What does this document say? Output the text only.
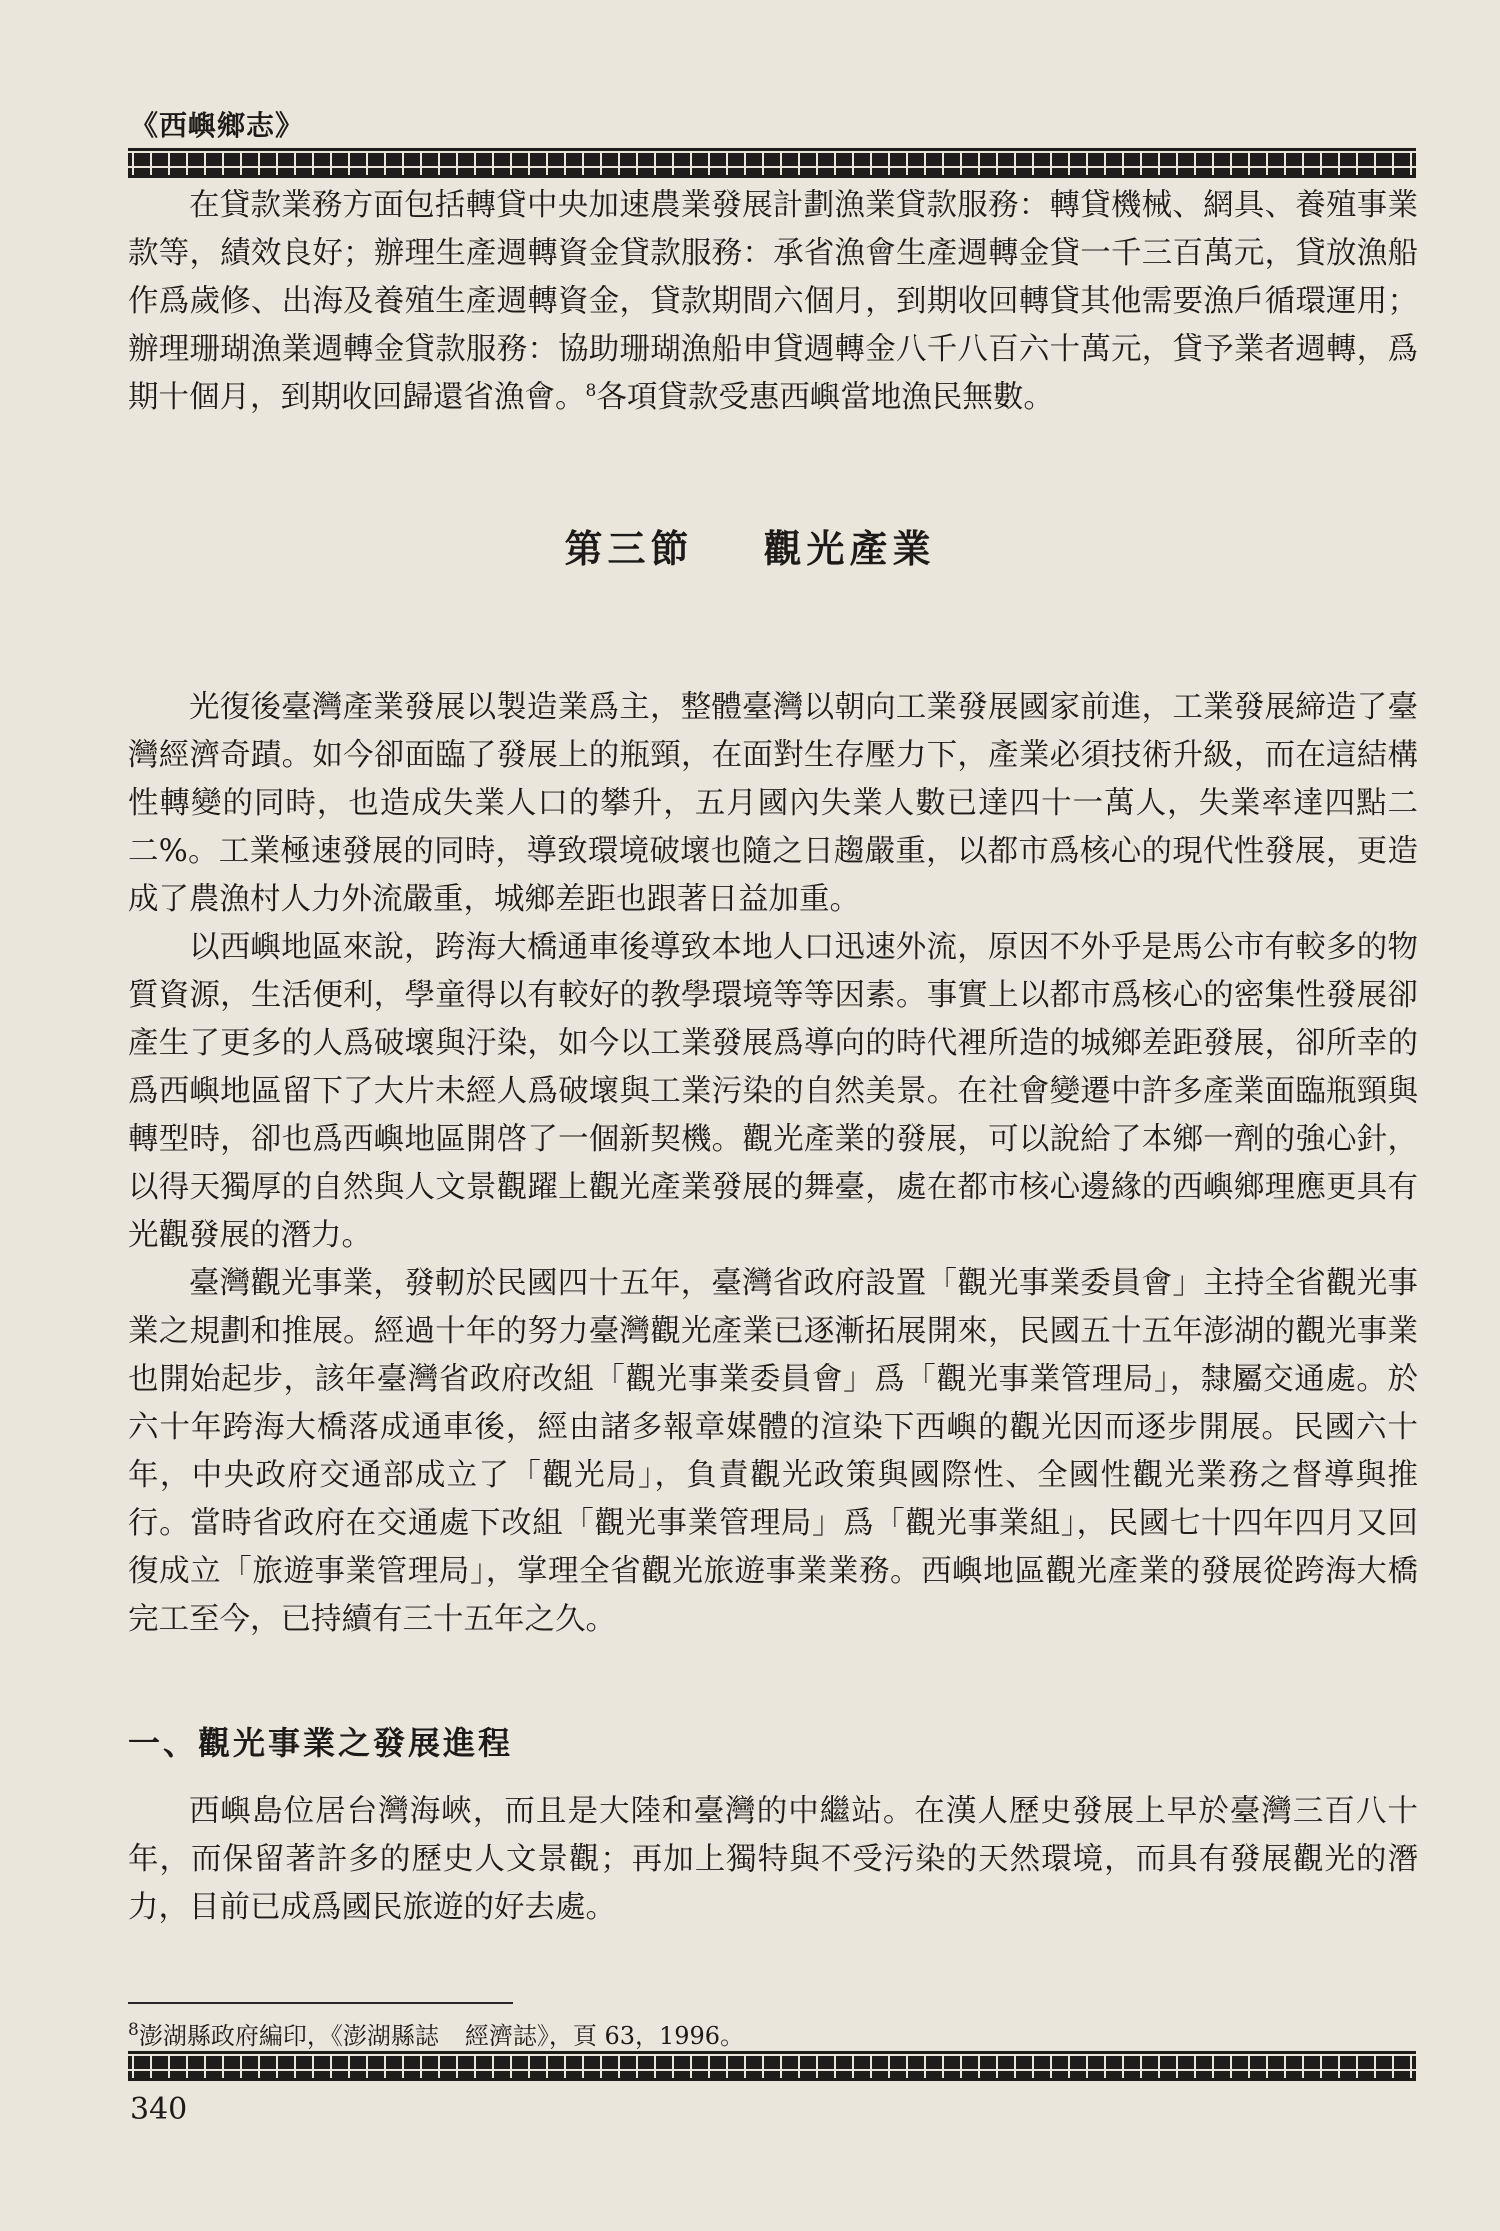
《西嶼鄉志》

在貸款業務方面包括轉貸中央加速農業發展計劃漁業貸款服務：轉貸機械、網具、養殖事業款等，績效良好；辦理生產週轉資金貸款服務：承省漁會生產週轉金貸一千三百萬元，貸放漁船作爲歲修、出海及養殖生產週轉資金，貸款期間六個月，到期收回轉貸其他需要漁戶循環運用；辦理珊瑚漁業週轉金貸款服務：協助珊瑚漁船申貸週轉金八千八百六十萬元，貸予業者週轉，爲期十個月，到期收回歸還省漁會。$^8$各項貸款受惠西嶼當地漁民無數。

第三節 觀光產業

光復後臺灣產業發展以製造業爲主，整體臺灣以朝向工業發展國家前進，工業發展締造了臺灣經濟奇蹟。如今卻面臨了發展上的瓶頸，在面對生存壓力下，產業必須技術升級，而在這結構性轉變的同時，也造成失業人口的攀升，五月國內失業人數已達四十一萬人，失業率達四點二二%。工業極速發展的同時，導致環境破壞也隨之日趨嚴重，以都市爲核心的現代性發展，更造成了農漁村人力外流嚴重，城鄉差距也跟著日益加重。

以西嶼地區來說，跨海大橋通車後導致本地人口迅速外流，原因不外乎是馬公市有較多的物質資源，生活便利，學童得以有較好的教學環境等等因素。事實上以都市爲核心的密集性發展卻產生了更多的人爲破壞與汙染，如今以工業發展爲導向的時代裡所造的城鄉差距發展，卻所幸的爲西嶼地區留下了大片未經人爲破壞與工業污染的自然美景。在社會變遷中許多產業面臨瓶頸與轉型時，卻也爲西嶼地區開啓了一個新契機。觀光產業的發展，可以說給了本鄉一劑的強心針，以得天獨厚的自然與人文景觀躍上觀光產業發展的舞臺，處在都市核心邊緣的西嶼鄉理應更具有光觀發展的潛力。

臺灣觀光事業，發軔於民國四十五年，臺灣省政府設置「觀光事業委員會」主持全省觀光事業之規劃和推展。經過十年的努力臺灣觀光產業已逐漸拓展開來，民國五十五年澎湖的觀光事業也開始起步，該年臺灣省政府改組「觀光事業委員會」爲「觀光事業管理局」，隸屬交通處。於六十年跨海大橋落成通車後，經由諸多報章媒體的渲染下西嶼的觀光因而逐步開展。民國六十年，中央政府交通部成立了「觀光局」，負責觀光政策與國際性、全國性觀光業務之督導與推行。當時省政府在交通處下改組「觀光事業管理局」爲「觀光事業組」，民國七十四年四月又回復成立「旅遊事業管理局」，掌理全省觀光旅遊事業業務。西嶼地區觀光產業的發展從跨海大橋完工至今，已持續有三十五年之久。

一、觀光事業之發展進程

西嶼島位居台灣海峽，而且是大陸和臺灣的中繼站。在漢人歷史發展上早於臺灣三百八十年，而保留著許多的歷史人文景觀；再加上獨特與不受污染的天然環境，而具有發展觀光的潛力，目前已成爲國民旅遊的好去處。

$^8$澎湖縣政府編印，《澎湖縣誌 經濟誌》，頁 63，1996。
340
